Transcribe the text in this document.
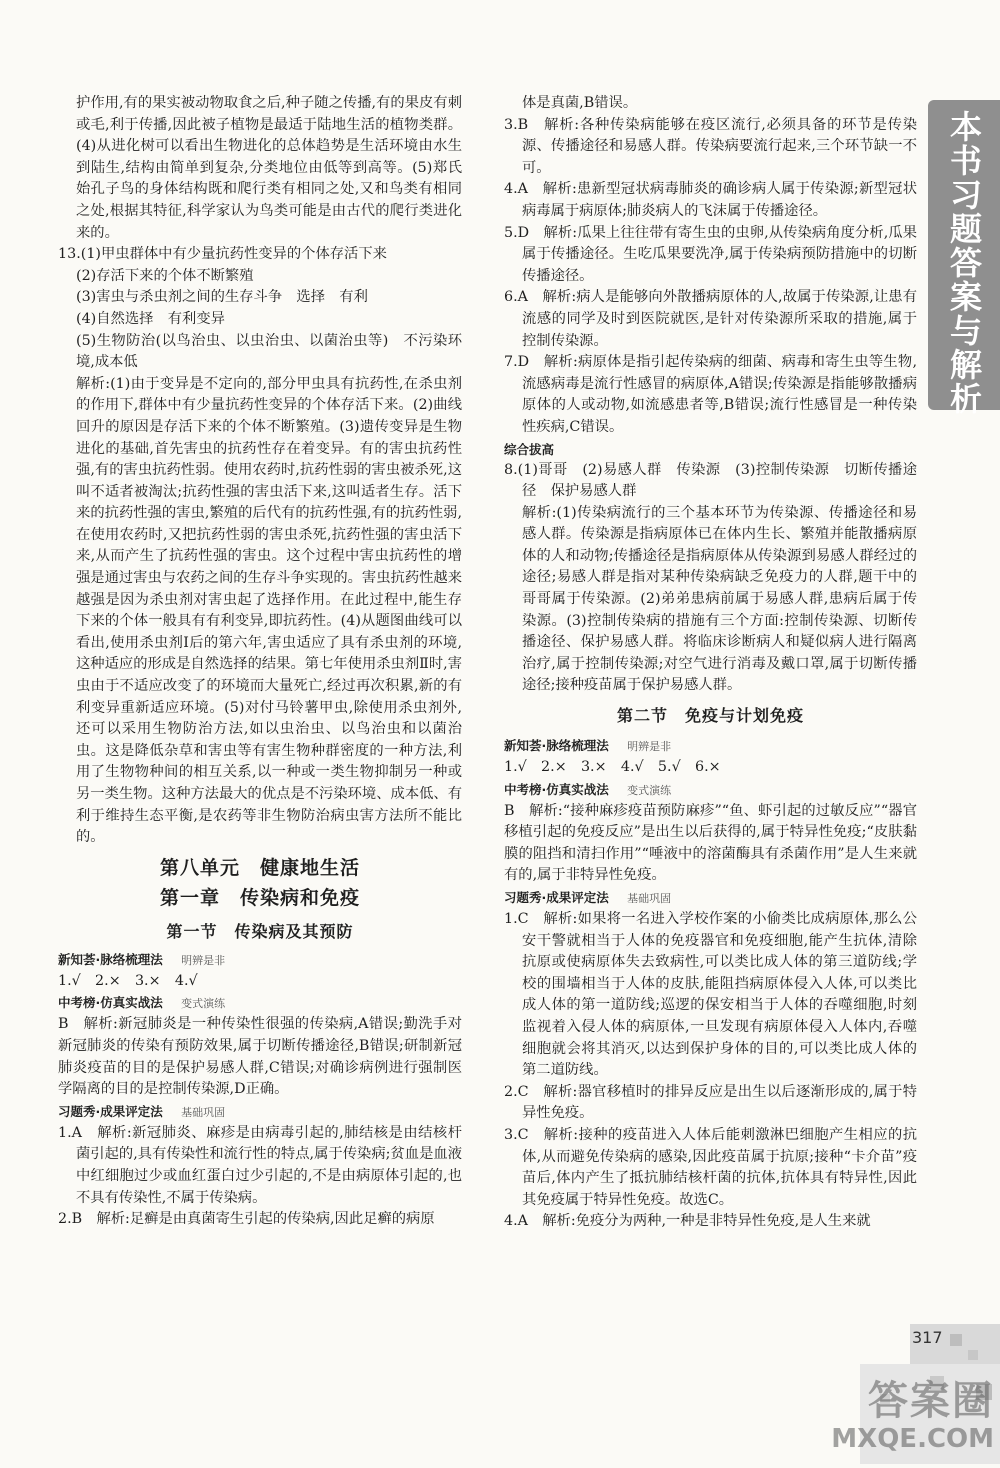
本书习题答案与解析

护作用,有的果实被动物取食之后,种子随之传播,有的果皮有刺或毛,利于传播,因此被子植物是最适于陆地生活的植物类群。(4)从进化树可以看出生物进化的总体趋势是生活环境由水生到陆生,结构由简单到复杂,分类地位由低等到高等。(5)郑氏始孔子鸟的身体结构既和爬行类有相同之处,又和鸟类有相同之处,根据其特征,科学家认为鸟类可能是由古代的爬行类进化来的。

13.(1)甲虫群体中有少量抗药性变异的个体存活下来

(2)存活下来的个体不断繁殖

(3)害虫与杀虫剂之间的生存斗争　选择　有利

(4)自然选择　有利变异

(5)生物防治(以鸟治虫、以虫治虫、以菌治虫等)　不污染环境,成本低

解析:(1)由于变异是不定向的,部分甲虫具有抗药性,在杀虫剂的作用下,群体中有少量抗药性变异的个体存活下来。(2)曲线回升的原因是存活下来的个体不断繁殖。(3)遗传变异是生物进化的基础,首先害虫的抗药性存在着变异。有的害虫抗药性强,有的害虫抗药性弱。使用农药时,抗药性弱的害虫被杀死,这叫不适者被淘汰;抗药性强的害虫活下来,这叫适者生存。活下来的抗药性强的害虫,繁殖的后代有的抗药性强,有的抗药性弱,在使用农药时,又把抗药性弱的害虫杀死,抗药性强的害虫活下来,从而产生了抗药性强的害虫。这个过程中害虫抗药性的增强是通过害虫与农药之间的生存斗争实现的。害虫抗药性越来越强是因为杀虫剂对害虫起了选择作用。在此过程中,能生存下来的个体一般具有有利变异,即抗药性。(4)从题图曲线可以看出,使用杀虫剂Ⅰ后的第六年,害虫适应了具有杀虫剂的环境,这种适应的形成是自然选择的结果。第七年使用杀虫剂Ⅱ时,害虫由于不适应改变了的环境而大量死亡,经过再次积累,新的有利变异重新适应环境。(5)对付马铃薯甲虫,除使用杀虫剂外,还可以采用生物防治方法,如以虫治虫、以鸟治虫和以菌治虫。这是降低杂草和害虫等有害生物种群密度的一种方法,利用了生物物种间的相互关系,以一种或一类生物抑制另一种或另一类生物。这种方法最大的优点是不污染环境、成本低、有利于维持生态平衡,是农药等非生物防治病虫害方法所不能比的。

第八单元　健康地生活
第一章　传染病和免疫
第一节　传染病及其预防
新知荟·脉络梳理法 明辨是非

1.√　2.×　3.×　4.√

中考榜·仿真实战法 变式演练

B　解析:新冠肺炎是一种传染性很强的传染病,A错误;勤洗手对新冠肺炎的传染有预防效果,属于切断传播途径,B错误;研制新冠肺炎疫苗的目的是保护易感人群,C错误;对确诊病例进行强制医学隔离的目的是控制传染源,D正确。

习题秀·成果评定法 基础巩固

1.A　解析:新冠肺炎、麻疹是由病毒引起的,肺结核是由结核杆菌引起的,具有传染性和流行性的特点,属于传染病;贫血是血液中红细胞过少或血红蛋白过少引起的,不是由病原体引起的,也不具有传染性,不属于传染病。

2.B　解析:足癣是由真菌寄生引起的传染病,因此足癣的病原

体是真菌,B错误。

3.B　解析:各种传染病能够在疫区流行,必须具备的环节是传染源、传播途径和易感人群。传染病要流行起来,三个环节缺一不可。

4.A　解析:患新型冠状病毒肺炎的确诊病人属于传染源;新型冠状病毒属于病原体;肺炎病人的飞沫属于传播途径。

5.D　解析:瓜果上往往带有寄生虫的虫卵,从传染病角度分析,瓜果属于传播途径。生吃瓜果要洗净,属于传染病预防措施中的切断传播途径。

6.A　解析:病人是能够向外散播病原体的人,故属于传染源,让患有流感的同学及时到医院就医,是针对传染源所采取的措施,属于控制传染源。

7.D　解析:病原体是指引起传染病的细菌、病毒和寄生虫等生物,流感病毒是流行性感冒的病原体,A错误;传染源是指能够散播病原体的人或动物,如流感患者等,B错误;流行性感冒是一种传染性疾病,C错误。

综合拔高

8.(1)哥哥　(2)易感人群　传染源　(3)控制传染源　切断传播途径　保护易感人群

解析:(1)传染病流行的三个基本环节为传染源、传播途径和易感人群。传染源是指病原体已在体内生长、繁殖并能散播病原体的人和动物;传播途径是指病原体从传染源到易感人群经过的途径;易感人群是指对某种传染病缺乏免疫力的人群,题干中的哥哥属于传染源。(2)弟弟患病前属于易感人群,患病后属于传染源。(3)控制传染病的措施有三个方面:控制传染源、切断传播途径、保护易感人群。将临床诊断病人和疑似病人进行隔离治疗,属于控制传染源;对空气进行消毒及戴口罩,属于切断传播途径;接种疫苗属于保护易感人群。

第二节　免疫与计划免疫
新知荟·脉络梳理法 明辨是非

1.√　2.×　3.×　4.√　5.√　6.×

中考榜·仿真实战法 变式演练

B　解析:“接种麻疹疫苗预防麻疹”“鱼、虾引起的过敏反应”“器官移植引起的免疫反应”是出生以后获得的,属于特异性免疫;“皮肤黏膜的阻挡和清扫作用”“唾液中的溶菌酶具有杀菌作用”是人生来就有的,属于非特异性免疫。

习题秀·成果评定法 基础巩固

1.C　解析:如果将一名进入学校作案的小偷类比成病原体,那么公安干警就相当于人体的免疫器官和免疫细胞,能产生抗体,清除抗原或使病原体失去致病性,可以类比成人体的第三道防线;学校的围墙相当于人体的皮肤,能阻挡病原体侵入人体,可以类比成人体的第一道防线;巡逻的保安相当于人体的吞噬细胞,时刻监视着入侵人体的病原体,一旦发现有病原体侵入人体内,吞噬细胞就会将其消灭,以达到保护身体的目的,可以类比成人体的第二道防线。

2.C　解析:器官移植时的排异反应是出生以后逐渐形成的,属于特异性免疫。

3.C　解析:接种的疫苗进入人体后能刺激淋巴细胞产生相应的抗体,从而避免传染病的感染,因此疫苗属于抗原;接种“卡介苗”疫苗后,体内产生了抵抗肺结核杆菌的抗体,抗体具有特异性,因此其免疫属于特异性免疫。故选C。

4.A　解析:免疫分为两种,一种是非特异性免疫,是人生来就

317
答案圈
MXQE.COM
